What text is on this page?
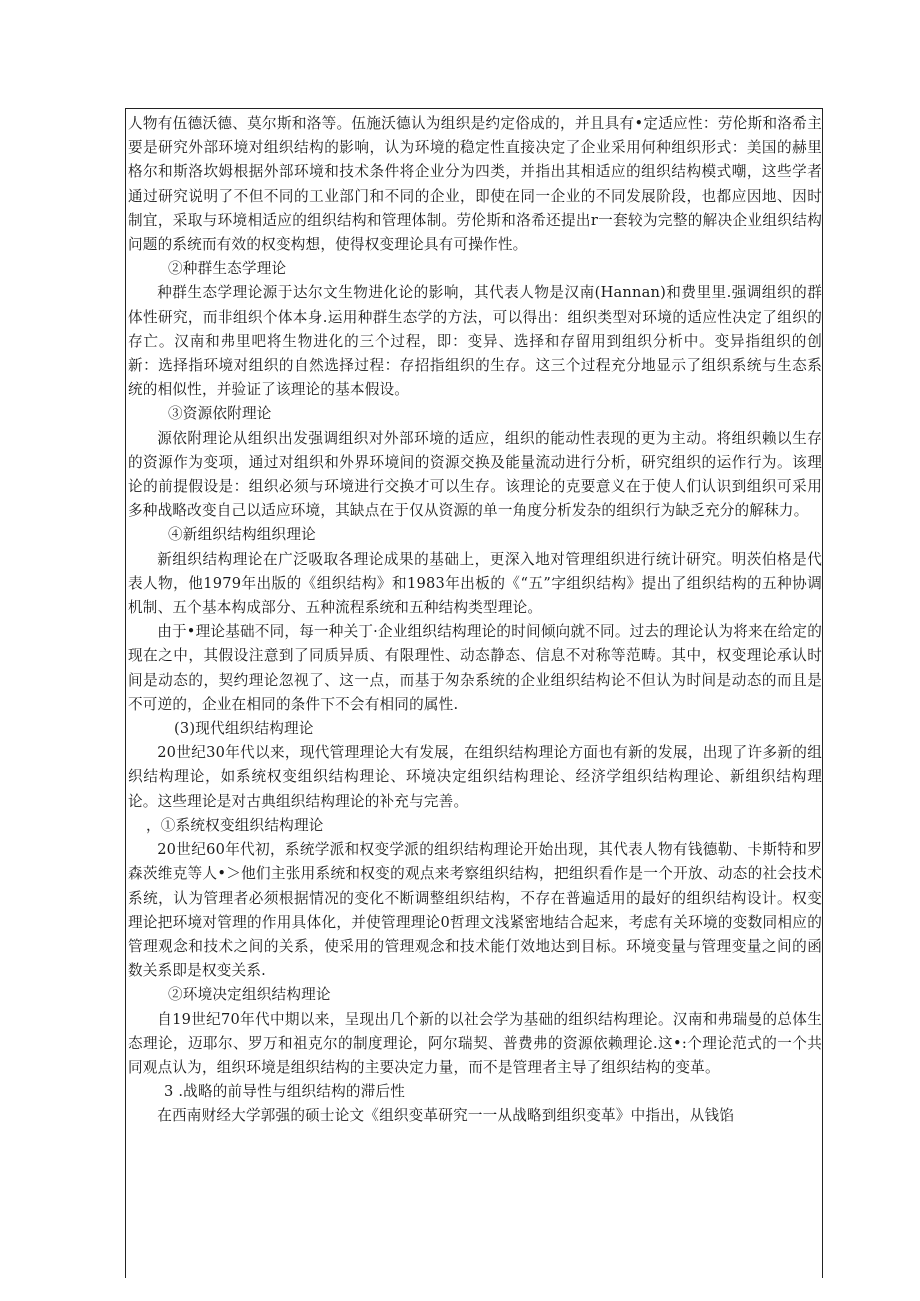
人物有伍德沃德、莫尔斯和洛等。伍施沃德认为组织是约定俗成的，并且具有•定适应性：劳伦斯和洛希主要是研究外部环境对组织结构的影响，认为环境的稳定性直接决定了企业采用何种组织形式：美国的赫里格尔和斯洛坎姆根据外部环境和技术条件将企业分为四类，并指出其相适应的组织结构模式嘲，这些学者通过研究说明了不但不同的工业部门和不同的企业，即使在同一企业的不同发展阶段，也都应因地、因时制宜，采取与环境相适应的组织结构和管理体制。劳伦斯和洛希还提出r一套较为完整的解决企业组织结构问题的系统而有效的权变构想，使得权变理论具有可操作性。

②种群生态学理论

种群生态学理论源于达尔文生物进化论的影响，其代表人物是汉南(Hannan)和费里里.强调组织的群体性研究，而非组织个体本身.运用种群生态学的方法，可以得出：组织类型对环境的适应性决定了组织的存亡。汉南和弗里吧将生物进化的三个过程，即：变异、选择和存留用到组织分析中。变异指组织的创新：选择指环境对组织的自然选择过程：存招指组织的生存。这三个过程充分地显示了组织系统与生态系统的相似性，并验证了该理论的基本假设。

③资源依附理论

源依附理论从组织出发强调组织对外部环境的适应，组织的能动性表现的更为主动。将组织赖以生存的资源作为变项，通过对组织和外界环境间的资源交换及能量流动进行分析，研究组织的运作行为。该理论的前提假设是：组织必须与环境进行交换才可以生存。该理论的克要意义在于使人们认识到组织可采用多种战略改变自己以适应环境，其缺点在于仅从资源的单一角度分析发杂的组织行为缺乏充分的解秣力。

④新组织结构组织理论

新组织结构理论在广泛吸取各理论成果的基础上，更深入地对管理组织进行统计研究。明茨伯格是代表人物，他1979年出版的《组织结构》和1983年出板的《“五”字组织结构》提出了组织结构的五种协调机制、五个基本构成部分、五种流程系统和五种结构类型理论。

由于•理论基础不同，每一种关丁·企业组织结构理论的时间倾向就不同。过去的理论认为将来在给定的现在之中，其假设注意到了同质异质、有限理性、动态静态、信息不对称等范畴。其中，权变理论承认时间是动态的，契约理论忽视了、这一点，而基于匆杂系统的企业组织结构论不但认为时间是动态的而且是不可逆的，企业在相同的条件下不会有相同的属性.

(3)现代组织结构理论

20世纪30年代以来，现代管理理论大有发展，在组织结构理论方面也有新的发展，出现了许多新的组织结构理论，如系统权变组织结构理论、环境决定组织结构理论、经济学组织结构理论、新组织结构理论。这些理论是对古典组织结构理论的补充与完善。

，①系统权变组织结构理论

20世纪60年代初，系统学派和权变学派的组织结构理论开始出现，其代表人物有钱德勒、卡斯特和罗森茨维克等人•＞他们主张用系统和权变的观点来考察组织结构，把组织看作是一个开放、动态的社会技术系统，认为管理者必须根据情况的变化不断调整组织结构，不存在普遍适用的最好的组织结构设计。权变理论把环境对管理的作用具体化，并使管理理论0哲理文浅紧密地结合起来，考虑有关环境的变数同相应的管理观念和技术之间的关系，使采用的管理观念和技术能仃效地达到目标。环境变量与管理变量之间的函数关系即是权变关系.

②环境决定组织结构理论

自19世纪70年代中期以来，呈现出几个新的以社会学为基础的组织结构理论。汉南和弗瑞曼的总体生态理论，迈耶尔、罗万和祖克尔的制度理论，阿尔瑞契、普费弗的资源依赖理论.这•:个理论范式的一个共同观点认为，组织环境是组织结构的主要决定力量，而不是管理者主导了组织结构的变革。

3 .战略的前导性与组织结构的滞后性

在西南财经大学郭强的硕士论文《组织变革研究一一从战略到组织变革》中指出，从钱馅
